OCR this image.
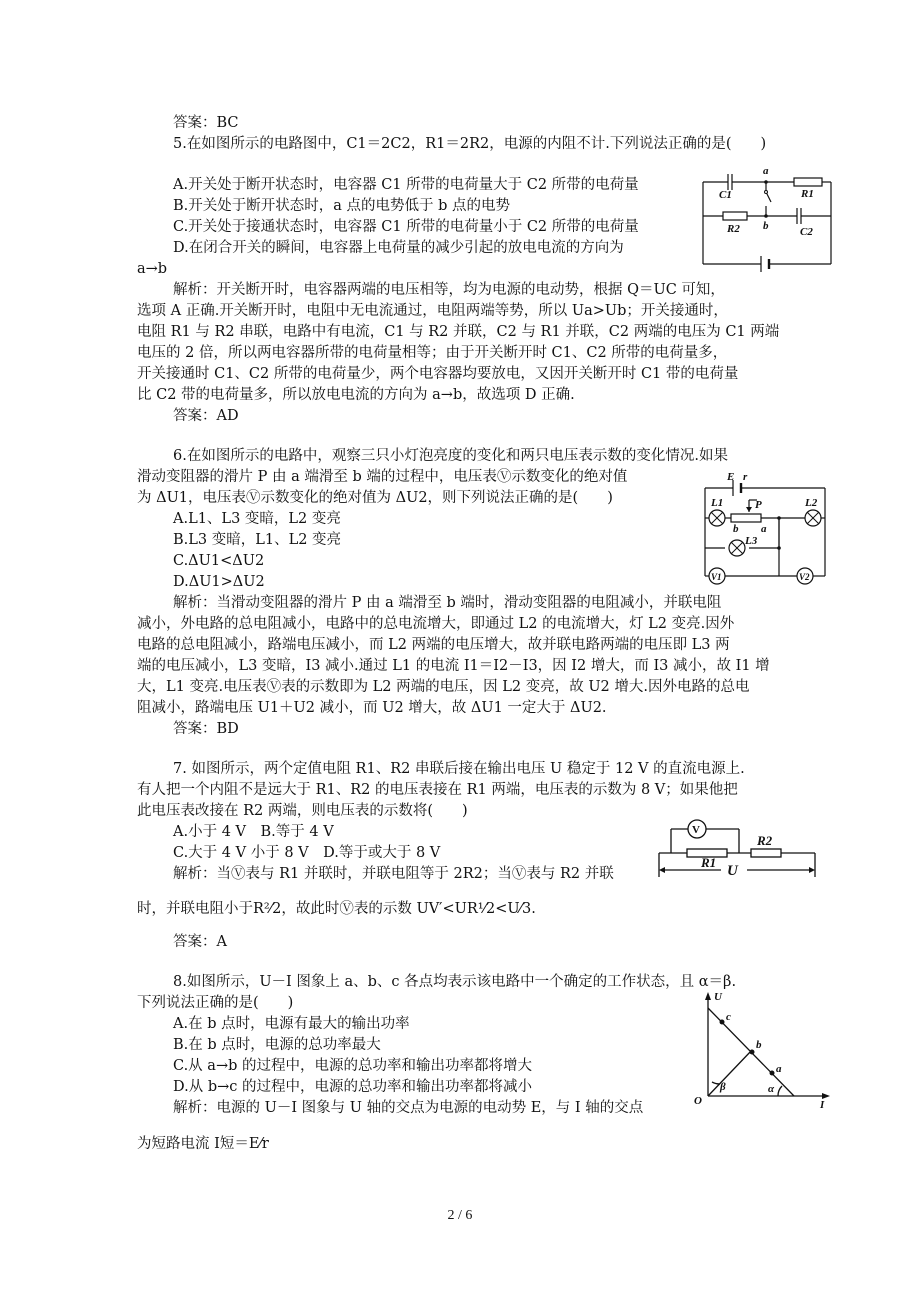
答案：BC
5.在如图所示的电路图中，C1＝2C2，R1＝2R2，电源的内阻不计.下列说法正确的是(　　)
A.开关处于断开状态时，电容器 C1 所带的电荷量大于 C2 所带的电荷量
B.开关处于断开状态时，a 点的电势低于 b 点的电势
C.开关处于接通状态时，电容器 C1 所带的电荷量小于 C2 所带的电荷量
D.在闭合开关的瞬间，电容器上电荷量的减少引起的放电电流的方向为
a→b
解析：开关断开时，电容器两端的电压相等，均为电源的电动势，根据 Q＝UC 可知，
选项 A 正确.开关断开时，电阻中无电流通过，电阻两端等势，所以 Ua>Ub；开关接通时，
电阻 R1 与 R2 串联，电路中有电流，C1 与 R2 并联，C2 与 R1 并联，C2 两端的电压为 C1 两端
电压的 2 倍，所以两电容器所带的电荷量相等；由于开关断开时 C1、C2 所带的电荷量多，
开关接通时 C1、C2 所带的电荷量少，两个电容器均要放电，又因开关断开时 C1 带的电荷量
比 C2 带的电荷量多，所以放电电流的方向为 a→b，故选项 D 正确.
答案：AD
6.在如图所示的电路中，观察三只小灯泡亮度的变化和两只电压表示数的变化情况.如果
滑动变阻器的滑片 P 由 a 端滑至 b 端的过程中，电压表Ⓥ示数变化的绝对值
为 ΔU1，电压表Ⓥ示数变化的绝对值为 ΔU2，则下列说法正确的是(　　)
A.L1、L3 变暗，L2 变亮
B.L3 变暗，L1、L2 变亮
C.ΔU1<ΔU2
D.ΔU1>ΔU2
解析：当滑动变阻器的滑片 P 由 a 端滑至 b 端时，滑动变阻器的电阻减小，并联电阻
减小，外电路的总电阻减小，电路中的总电流增大，即通过 L2 的电流增大，灯 L2 变亮.因外
电路的总电阻减小，路端电压减小，而 L2 两端的电压增大，故并联电路两端的电压即 L3 两
端的电压减小，L3 变暗，I3 减小.通过 L1 的电流 I1＝I2－I3，因 I2 增大，而 I3 减小，故 I1 增
大，L1 变亮.电压表Ⓥ表的示数即为 L2 两端的电压，因 L2 变亮，故 U2 增大.因外电路的总电
阻减小，路端电压 U1＋U2 减小，而 U2 增大，故 ΔU1 一定大于 ΔU2.
答案：BD
7. 如图所示，两个定值电阻 R1、R2 串联后接在输出电压 U 稳定于 12 V 的直流电源上.
有人把一个内阻不是远大于 R1、R2 的电压表接在 R1 两端，电压表的示数为 8 V；如果他把
此电压表改接在 R2 两端，则电压表的示数将(　　)
A.小于 4 V　B.等于 4 V
C.大于 4 V 小于 8 V　D.等于或大于 8 V
解析：当Ⓥ表与 R1 并联时，并联电阻等于 2R2；当Ⓥ表与 R2 并联
时，并联电阻小于R²⁄2，故此时Ⓥ表的示数 UV′<UR¹⁄2<U⁄3.
答案：A
8.如图所示，U－I 图象上 a、b、c 各点均表示该电路中一个确定的工作状态，且 α＝β.
下列说法正确的是(　　)
A.在 b 点时，电源有最大的输出功率
B.在 b 点时，电源的总功率最大
C.从 a→b 的过程中，电源的总功率和输出功率都将增大
D.从 b→c 的过程中，电源的总功率和输出功率都将减小
解析：电源的 U－I 图象与 U 轴的交点为电源的电动势 E，与 I 轴的交点
为短路电流 I短＝E⁄r
a
b
C1	R1
R2	C2
E r
L1	L2
L3
P
a
b
V1	V2
V
R1
R2
U
U
I
O
c
b
a
β	α
2 / 6
